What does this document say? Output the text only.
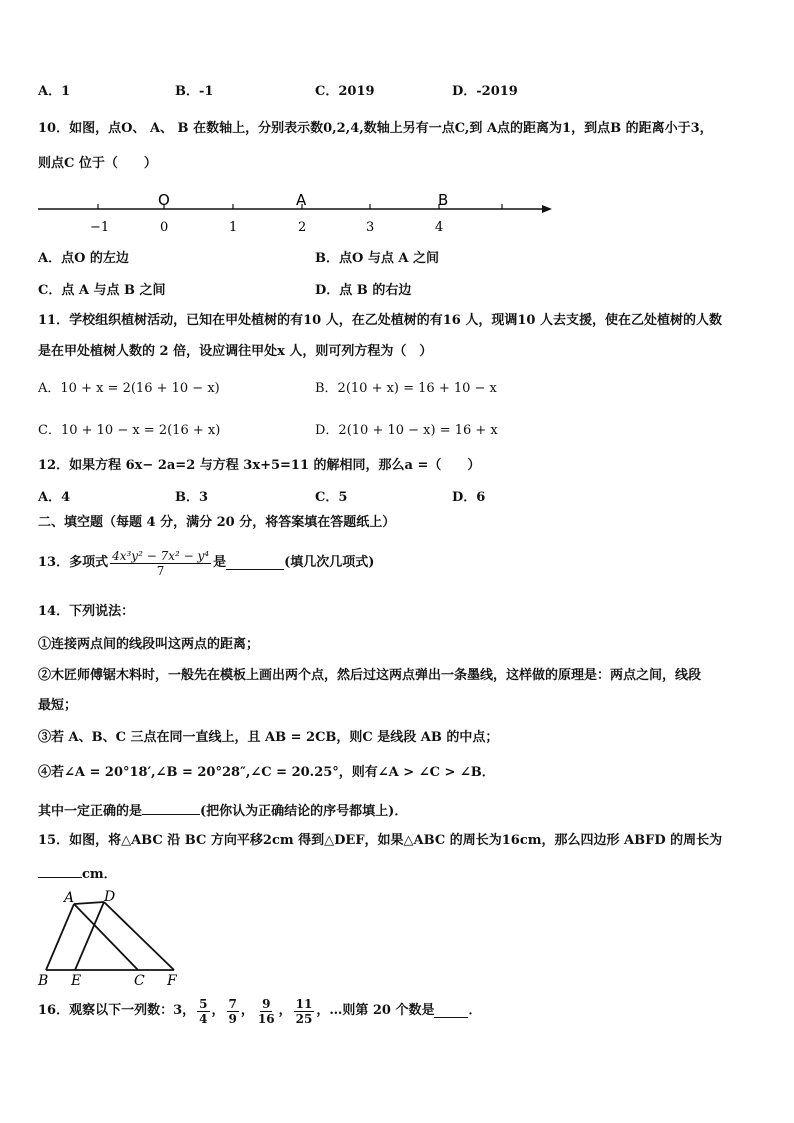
A．1	B．-1	C．2019	D．-2019
10．如图，点O、 A、 B 在数轴上，分别表示数0,2,4,数轴上另有一点C,到 A点的距离为1，到点B 的距离小于3，
则点C 位于（　　）
O	A	B
−1	0	1	2	3	4
A．点O 的左边	B．点O 与点 A 之间
C．点 A 与点 B 之间	D．点 B 的右边
11．学校组织植树活动，已知在甲处植树的有10 人，在乙处植树的有16 人，现调10 人去支援，使在乙处植树的人数
是在甲处植树人数的 2 倍，设应调往甲处x 人，则可列方程为（　）
A．10 + x = 2(16 + 10 − x)	B．2(10 + x) = 16 + 10 − x
C．10 + 10 − x = 2(16 + x)	D．2(10 + 10 − x) = 16 + x
12．如果方程 6x− 2a=2 与方程 3x+5=11 的解相同，那么a =（　　）
A．4	B．3	C．5	D．6
二、填空题（每题 4 分，满分 20 分，将答案填在答题纸上）
13．多项式 $\frac{\text{4x³y² − 7x² − y⁴}}{7}$ 是	(填几次几项式)
14．下列说法：
①连接两点间的线段叫这两点的距离；
②木匠师傅锯木料时，一般先在模板上画出两个点，然后过这两点弹出一条墨线，这样做的原理是：两点之间，线段
最短；
③若 A、B、C 三点在同一直线上，且 AB = 2CB，则C 是线段 AB 的中点；
④若∠A = 20°18′,∠B = 20°28″,∠C = 20.25°，则有∠A > ∠C > ∠B．
其中一定正确的是	(把你认为正确结论的序号都填上)．
15．如图，将△ABC 沿 BC 方向平移2cm 得到△DEF，如果△ABC 的周长为16cm，那么四边形 ABFD 的周长为
cm．
A D
B E	C F
16．观察以下一列数：3， $\frac{5}{4}$ ， $\frac{7}{9}$ ， $\frac{9}{16}$ ， $\frac{11}{25}$ ，…则第 20 个数是	．
